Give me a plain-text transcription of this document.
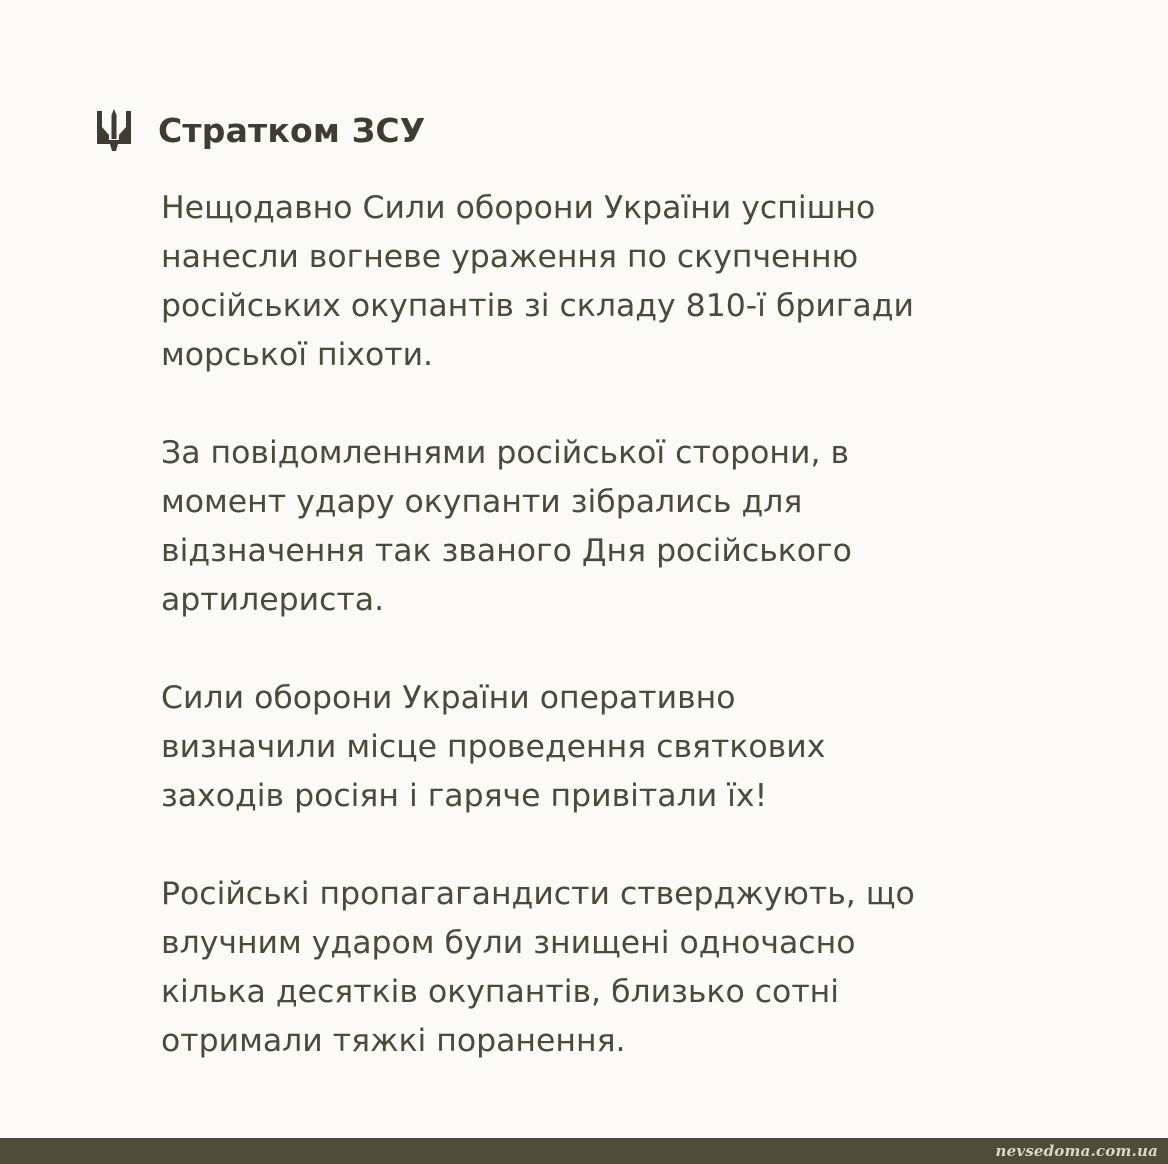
Стратком ЗСУ

Нещодавно Сили оборони України успішно
нанесли вогневе ураження по скупченню
російських окупантів зі складу 810-ї бригади
морської піхоти.

За повідомленнями російської сторони, в
момент удару окупанти зібрались для
відзначення так званого Дня російського
артилериста.

Сили оборони України оперативно
визначили місце проведення святкових
заходів росіян і гаряче привітали їх!

Російські пропагагандисти стверджують, що
влучним ударом були знищені одночасно
кілька десятків окупантів, близько сотні
отримали тяжкі поранення.

nevsedoma.com.ua
